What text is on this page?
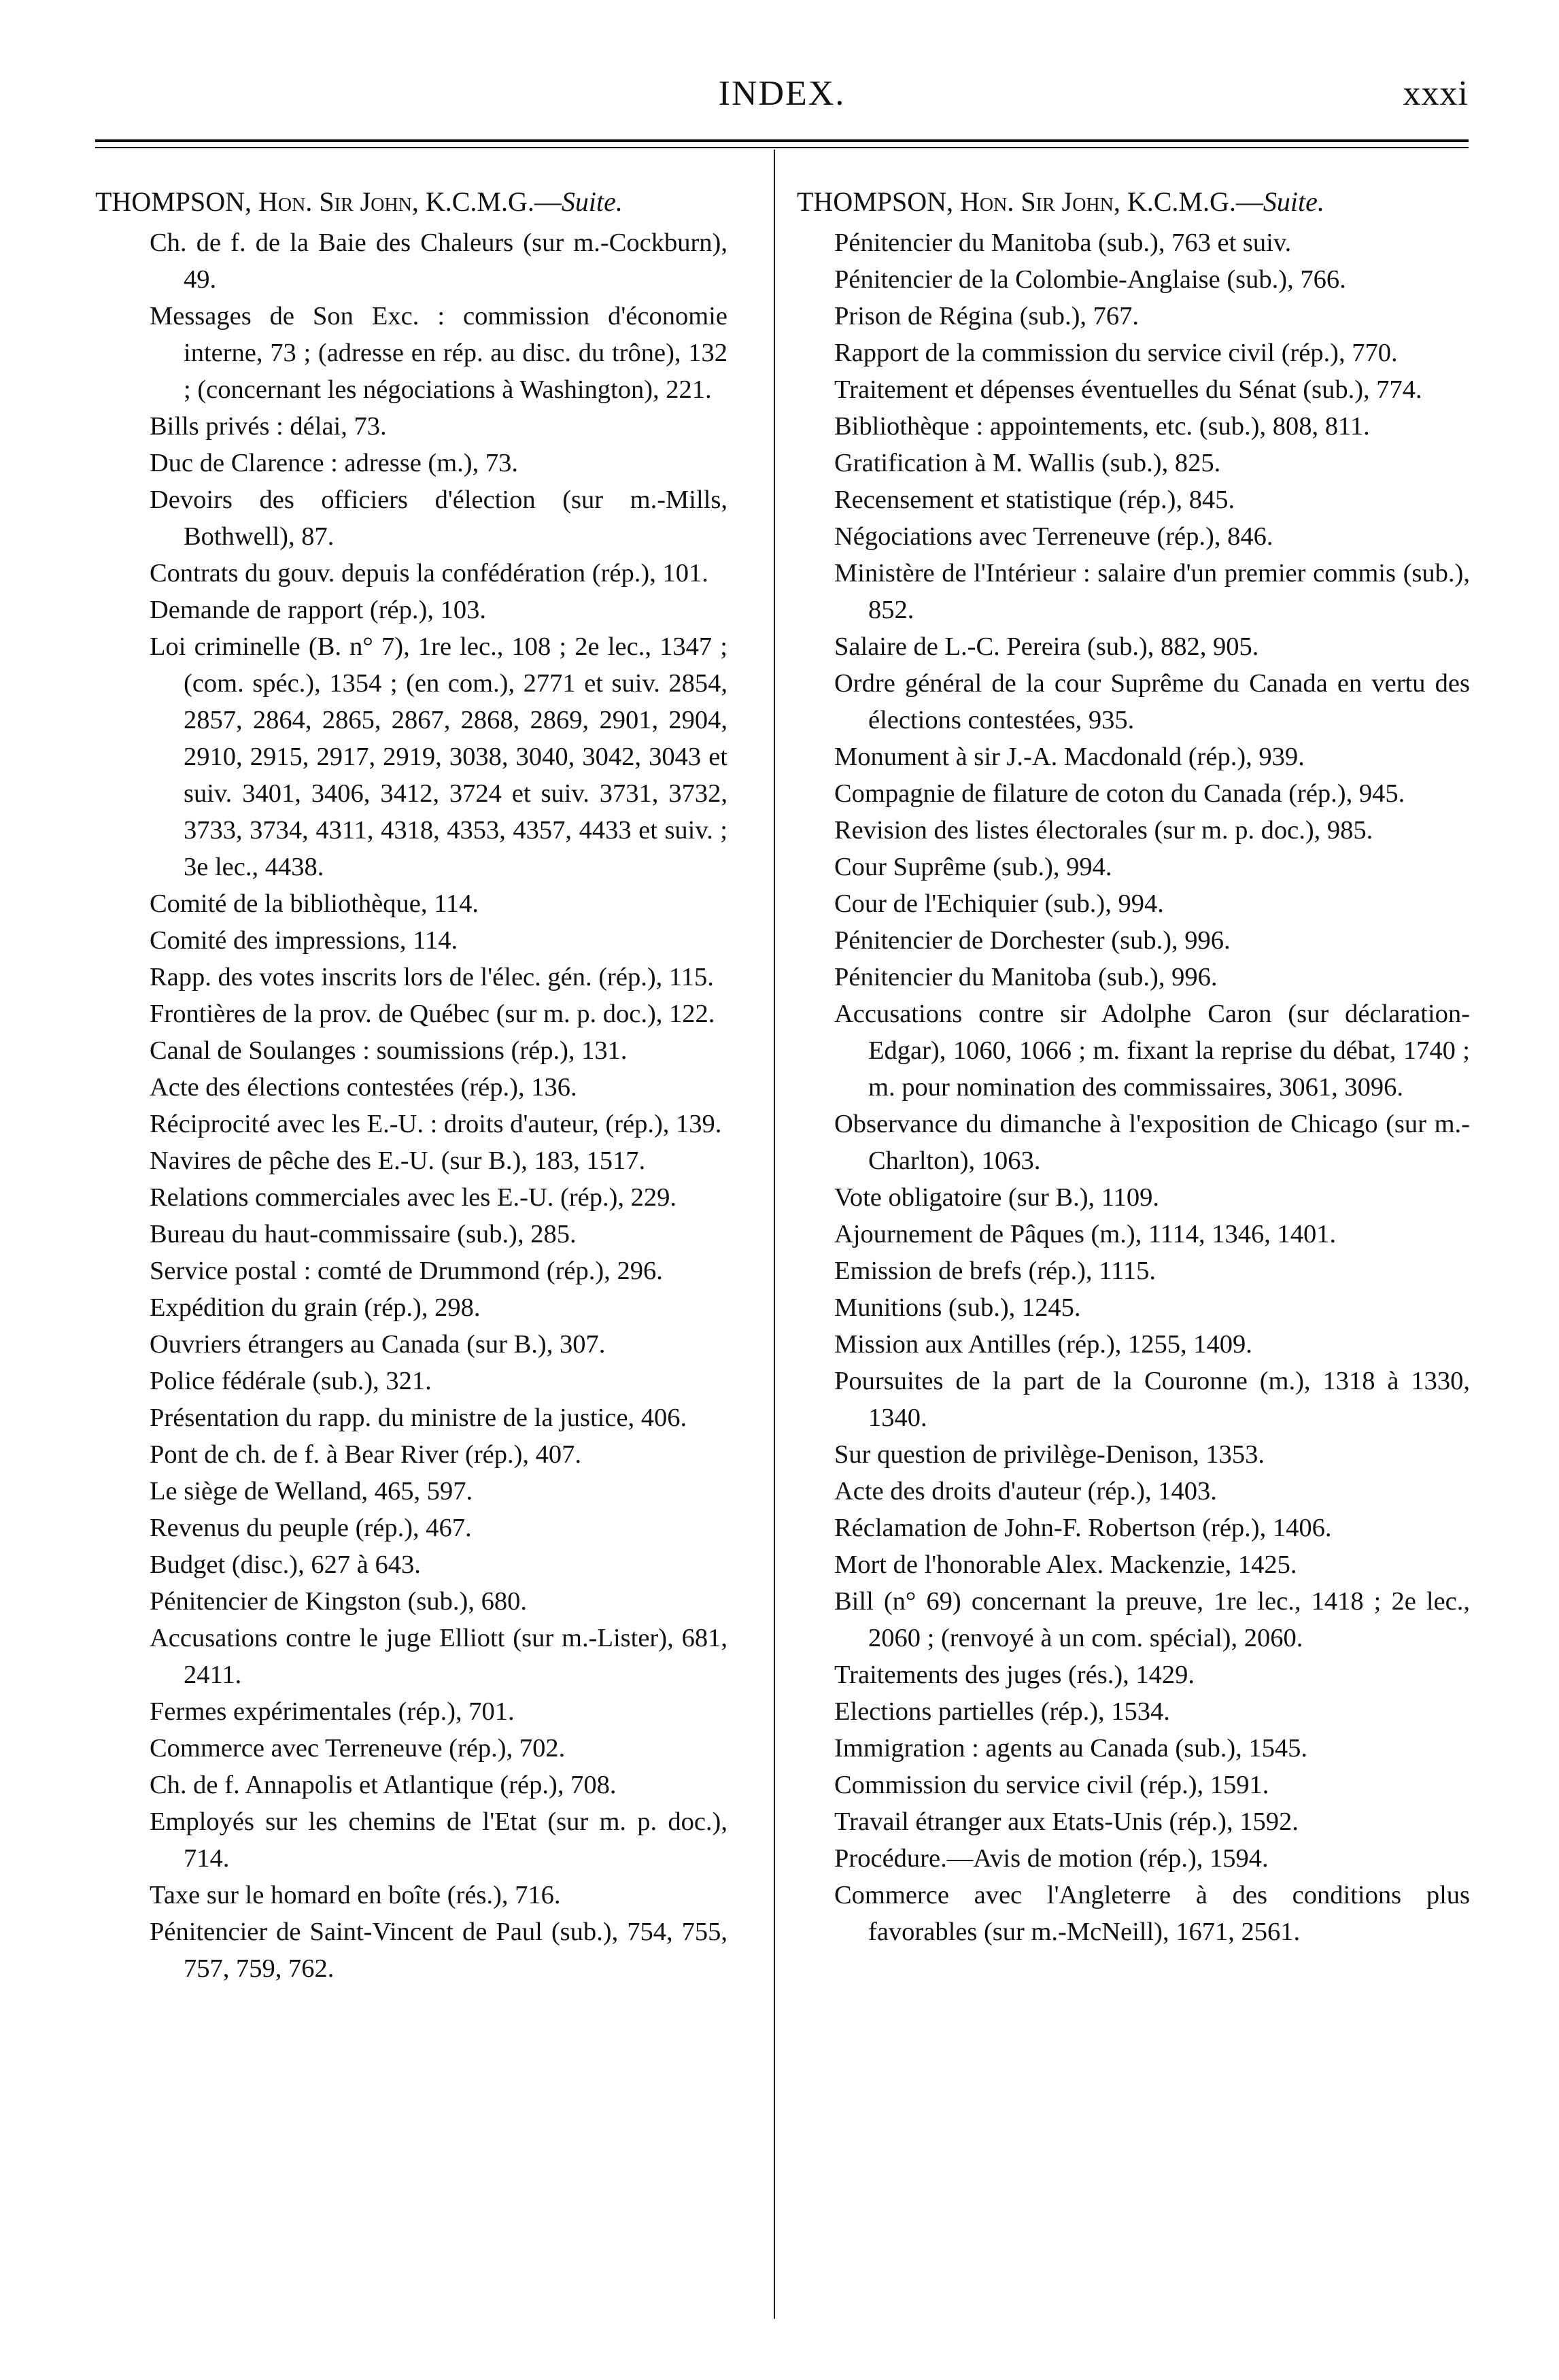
INDEX.	xxxi
THOMPSON, Hon. Sir John, K.C.M.G.—Suite.
Ch. de f. de la Baie des Chaleurs (sur m.-Cockburn), 49.
Messages de Son Exc. : commission d'économie interne, 73 ; (adresse en rép. au disc. du trône), 132 ; (concernant les négociations à Washington), 221.
Bills privés : délai, 73.
Duc de Clarence : adresse (m.), 73.
Devoirs des officiers d'élection (sur m.-Mills, Bothwell), 87.
Contrats du gouv. depuis la confédération (rép.), 101.
Demande de rapport (rép.), 103.
Loi criminelle (B. n° 7), 1re lec., 108 ; 2e lec., 1347 ; (com. spéc.), 1354 ; (en com.), 2771 et suiv. 2854, 2857, 2864, 2865, 2867, 2868, 2869, 2901, 2904, 2910, 2915, 2917, 2919, 3038, 3040, 3042, 3043 et suiv. 3401, 3406, 3412, 3724 et suiv. 3731, 3732, 3733, 3734, 4311, 4318, 4353, 4357, 4433 et suiv. ; 3e lec., 4438.
Comité de la bibliothèque, 114.
Comité des impressions, 114.
Rapp. des votes inscrits lors de l'élec. gén. (rép.), 115.
Frontières de la prov. de Québec (sur m. p. doc.), 122.
Canal de Soulanges : soumissions (rép.), 131.
Acte des élections contestées (rép.), 136.
Réciprocité avec les E.-U. : droits d'auteur, (rép.), 139.
Navires de pêche des E.-U. (sur B.), 183, 1517.
Relations commerciales avec les E.-U. (rép.), 229.
Bureau du haut-commissaire (sub.), 285.
Service postal : comté de Drummond (rép.), 296.
Expédition du grain (rép.), 298.
Ouvriers étrangers au Canada (sur B.), 307.
Police fédérale (sub.), 321.
Présentation du rapp. du ministre de la justice, 406.
Pont de ch. de f. à Bear River (rép.), 407.
Le siège de Welland, 465, 597.
Revenus du peuple (rép.), 467.
Budget (disc.), 627 à 643.
Pénitencier de Kingston (sub.), 680.
Accusations contre le juge Elliott (sur m.-Lister), 681, 2411.
Fermes expérimentales (rép.), 701.
Commerce avec Terreneuve (rép.), 702.
Ch. de f. Annapolis et Atlantique (rép.), 708.
Employés sur les chemins de l'Etat (sur m. p. doc.), 714.
Taxe sur le homard en boîte (rés.), 716.
Pénitencier de Saint-Vincent de Paul (sub.), 754, 755, 757, 759, 762.
THOMPSON, Hon. Sir John, K.C.M.G.—Suite.
Pénitencier du Manitoba (sub.), 763 et suiv.
Pénitencier de la Colombie-Anglaise (sub.), 766.
Prison de Régina (sub.), 767.
Rapport de la commission du service civil (rép.), 770.
Traitement et dépenses éventuelles du Sénat (sub.), 774.
Bibliothèque : appointements, etc. (sub.), 808, 811.
Gratification à M. Wallis (sub.), 825.
Recensement et statistique (rép.), 845.
Négociations avec Terreneuve (rép.), 846.
Ministère de l'Intérieur : salaire d'un premier commis (sub.), 852.
Salaire de L.-C. Pereira (sub.), 882, 905.
Ordre général de la cour Suprême du Canada en vertu des élections contestées, 935.
Monument à sir J.-A. Macdonald (rép.), 939.
Compagnie de filature de coton du Canada (rép.), 945.
Revision des listes électorales (sur m. p. doc.), 985.
Cour Suprême (sub.), 994.
Cour de l'Echiquier (sub.), 994.
Pénitencier de Dorchester (sub.), 996.
Pénitencier du Manitoba (sub.), 996.
Accusations contre sir Adolphe Caron (sur déclaration-Edgar), 1060, 1066 ; m. fixant la reprise du débat, 1740 ; m. pour nomination des commissaires, 3061, 3096.
Observance du dimanche à l'exposition de Chicago (sur m.-Charlton), 1063.
Vote obligatoire (sur B.), 1109.
Ajournement de Pâques (m.), 1114, 1346, 1401.
Emission de brefs (rép.), 1115.
Munitions (sub.), 1245.
Mission aux Antilles (rép.), 1255, 1409.
Poursuites de la part de la Couronne (m.), 1318 à 1330, 1340.
Sur question de privilège-Denison, 1353.
Acte des droits d'auteur (rép.), 1403.
Réclamation de John-F. Robertson (rép.), 1406.
Mort de l'honorable Alex. Mackenzie, 1425.
Bill (n° 69) concernant la preuve, 1re lec., 1418 ; 2e lec., 2060 ; (renvoyé à un com. spécial), 2060.
Traitements des juges (rés.), 1429.
Elections partielles (rép.), 1534.
Immigration : agents au Canada (sub.), 1545.
Commission du service civil (rép.), 1591.
Travail étranger aux Etats-Unis (rép.), 1592.
Procédure.—Avis de motion (rép.), 1594.
Commerce avec l'Angleterre à des conditions plus favorables (sur m.-McNeill), 1671, 2561.
